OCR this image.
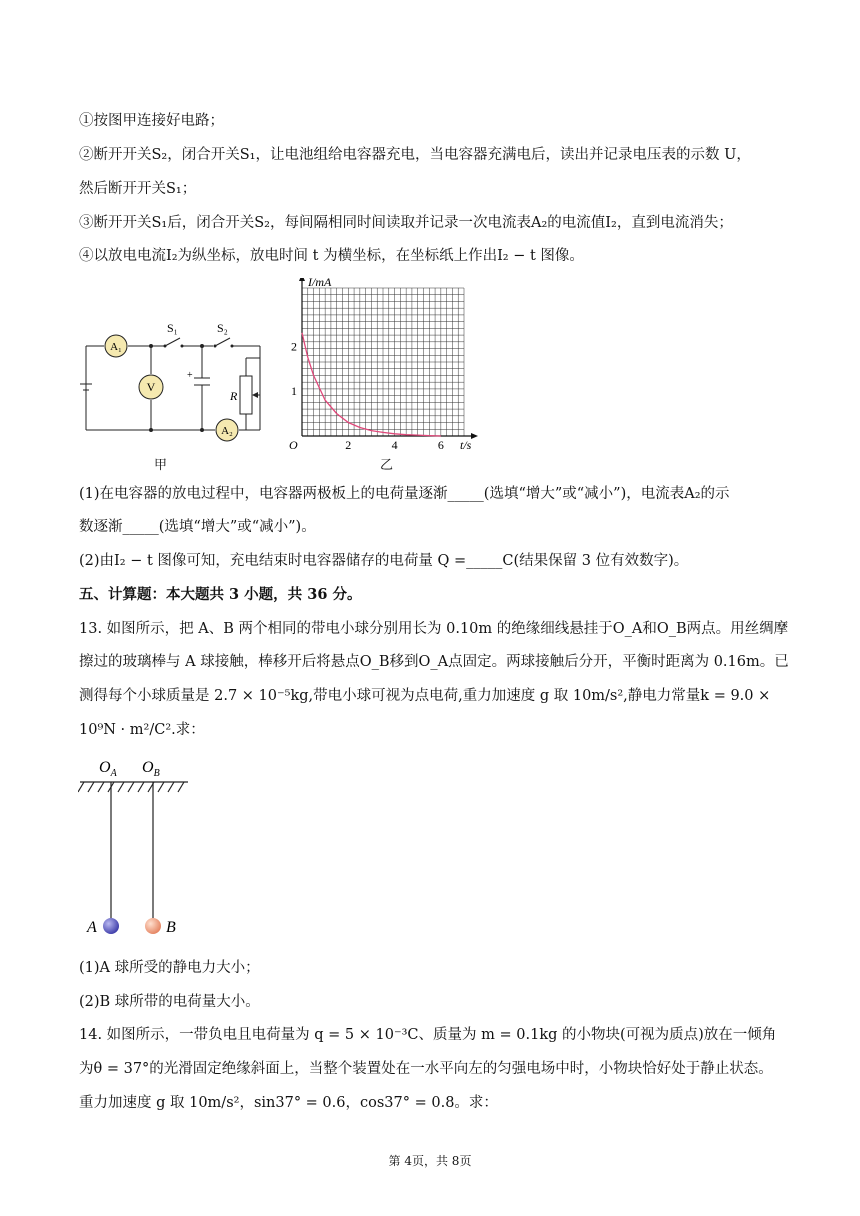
①按图甲连接好电路；
②断开开关S₂，闭合开关S₁，让电池组给电容器充电，当电容器充满电后，读出并记录电压表的示数 U，
然后断开开关S₁；
③断开开关S₁后，闭合开关S₂，每间隔相同时间读取并记录一次电流表A₂的电流值I₂，直到电流消失；
④以放电电流I₂为纵坐标，放电时间 t 为横坐标，在坐标纸上作出I₂ − t 图像。
A₁
V
A₂
S₁	S₂
R
+
甲
2	4	6
1
2
O
I/mA
t/s
乙
(1)在电容器的放电过程中，电容器两极板上的电荷量逐渐_____(选填“增大”或“减小”)，电流表A₂的示
数逐渐_____(选填“增大”或“减小”)。
(2)由I₂ − t 图像可知，充电结束时电容器储存的电荷量 Q =_____C(结果保留 3 位有效数字)。
五、计算题：本大题共 3 小题，共 36 分。
13. 如图所示，把 A、B 两个相同的带电小球分别用长为 0.10m 的绝缘细线悬挂于O_A和O_B两点。用丝绸摩
擦过的玻璃棒与 A 球接触，棒移开后将悬点O_B移到O_A点固定。两球接触后分开，平衡时距离为 0.16m。已
测得每个小球质量是 2.7 × 10⁻⁵kg,带电小球可视为点电荷,重力加速度 g 取 10m/s²,静电力常量k = 9.0 ×
10⁹N · m²/C².求：
$O_A$ $O_B$
A	B
(1)A 球所受的静电力大小；
(2)B 球所带的电荷量大小。
14. 如图所示，一带负电且电荷量为 q = 5 × 10⁻³C、质量为 m = 0.1kg 的小物块(可视为质点)放在一倾角
为θ = 37°的光滑固定绝缘斜面上，当整个装置处在一水平向左的匀强电场中时，小物块恰好处于静止状态。
重力加速度 g 取 10m/s²，sin37° = 0.6，cos37° = 0.8。求：
第 4页，共 8页
